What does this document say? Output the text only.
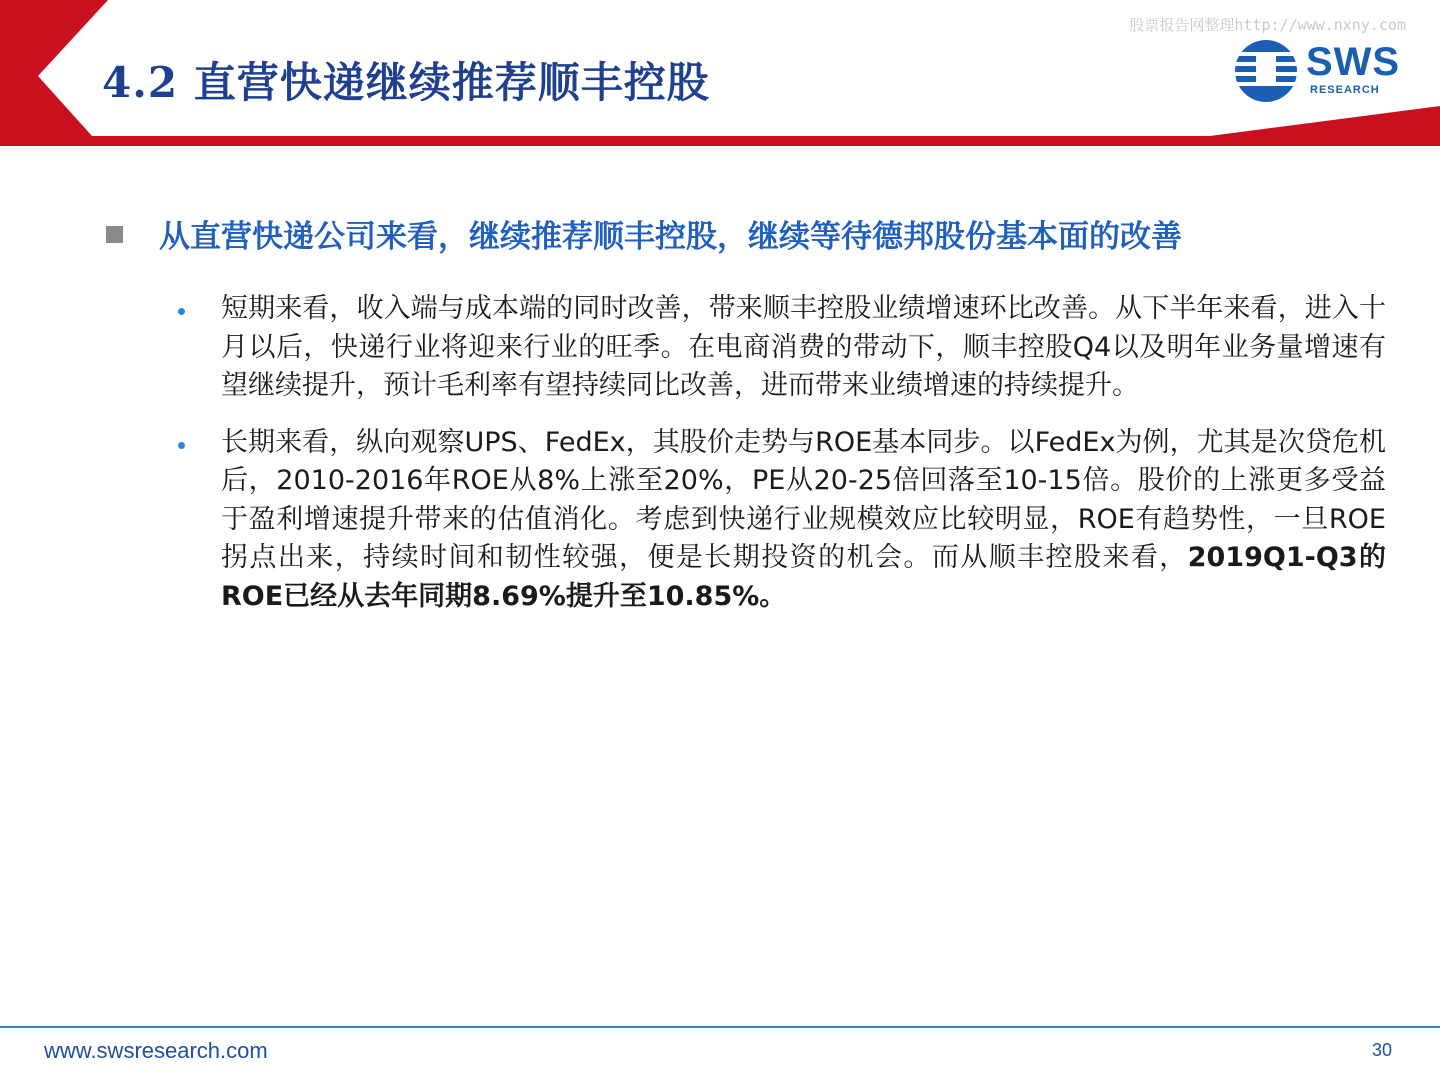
4.2 直营快递继续推荐顺丰控股
股票报告网整理http://www.nxny.com
SWS
RESEARCH
从直营快递公司来看，继续推荐顺丰控股，继续等待德邦股份基本面的改善
短期来看，收入端与成本端的同时改善，带来顺丰控股业绩增速环比改善。从下半年来看，进入十月以后，快递行业将迎来行业的旺季。在电商消费的带动下，顺丰控股Q4以及明年业务量增速有望继续提升，预计毛利率有望持续同比改善，进而带来业绩增速的持续提升。
长期来看，纵向观察UPS、FedEx，其股价走势与ROE基本同步。以FedEx为例，尤其是次贷危机后，2010-2016年ROE从8%上涨至20%，PE从20-25倍回落至10-15倍。股价的上涨更多受益于盈利增速提升带来的估值消化。考虑到快递行业规模效应比较明显，ROE有趋势性，一旦ROE拐点出来，持续时间和韧性较强，便是长期投资的机会。而从顺丰控股来看，2019Q1-Q3的ROE已经从去年同期8.69%提升至10.85%。
www.swsresearch.com	30
